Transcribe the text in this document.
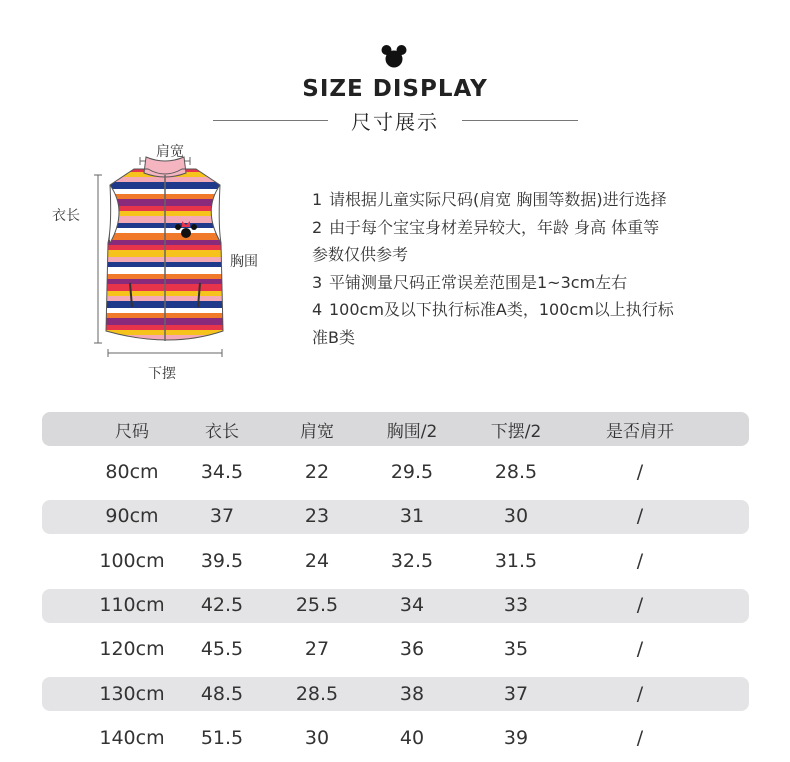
SIZE DISPLAY
尺寸展示
肩宽
衣长
胸围
下摆
1 请根据儿童实际尺码(肩宽 胸围等数据)进行选择
2 由于每个宝宝身材差异较大，年龄 身高 体重等
参数仅供参考
3 平铺测量尺码正常误差范围是1~3cm左右
4 100cm及以下执行标准A类，100cm以上执行标
准B类
尺码	衣长	肩宽	胸围/2	下摆/2	是否肩开
80cm	34.5	22	29.5	28.5	/
90cm	37	23	31	30	/
100cm	39.5	24	32.5	31.5	/
110cm	42.5	25.5	34	33	/
120cm	45.5	27	36	35	/
130cm	48.5	28.5	38	37	/
140cm	51.5	30	40	39	/
